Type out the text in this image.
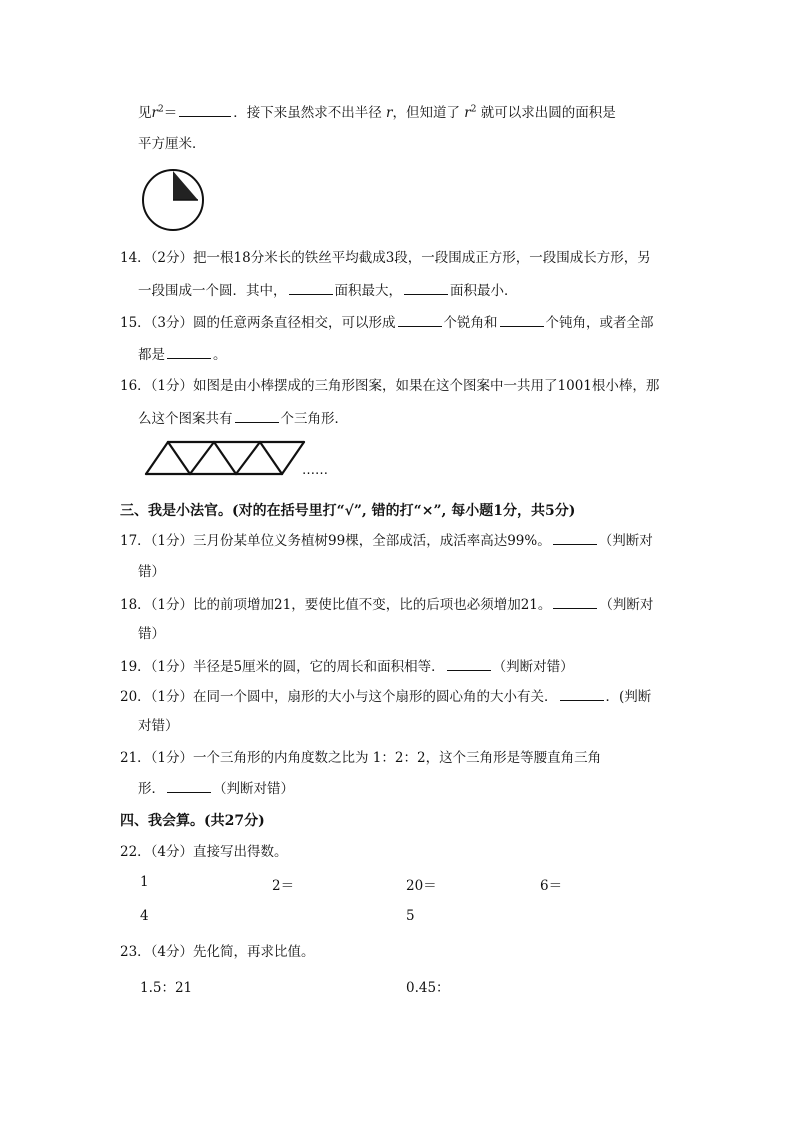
见$r^2=$	．接下来虽然求不出半径 r，但知道了 $r^2$ 就可以求出圆的面积是
平方厘米．
14．（2分）把一根18分米长的铁丝平均截成3段，一段围成正方形，一段围成长方形，另
一段围成一个圆．其中，	面积最大，	面积最小．
15．（3分）圆的任意两条直径相交，可以形成	个锐角和	个钝角，或者全部
都是	。
16．（1分）如图是由小棒摆成的三角形图案，如果在这个图案中一共用了1001根小棒，那
么这个图案共有	个三角形．
……
三、我是小法官。(对的在括号里打“√”, 错的打“×”, 每小题1分，共5分)
17．（1分）三月份某单位义务植树99棵，全部成活，成活率高达99%。	（判断对
错）
18．（1分）比的前项增加21，要使比值不变，比的后项也必须增加21。	（判断对
错）
19．（1分）半径是5厘米的圆，它的周长和面积相等．	（判断对错）
20．（1分）在同一个圆中，扇形的大小与这个扇形的圆心角的大小有关．	．(判断
对错）
21．（1分）一个三角形的内角度数之比为 1：2：2，这个三角形是等腰直角三角
形．	（判断对错）
四、我会算。(共27分)
22．（4分）直接写出得数。
1	2＝	20＝	6＝
4	5
23．（4分）先化简，再求比值。
1.5：21	0.45：
